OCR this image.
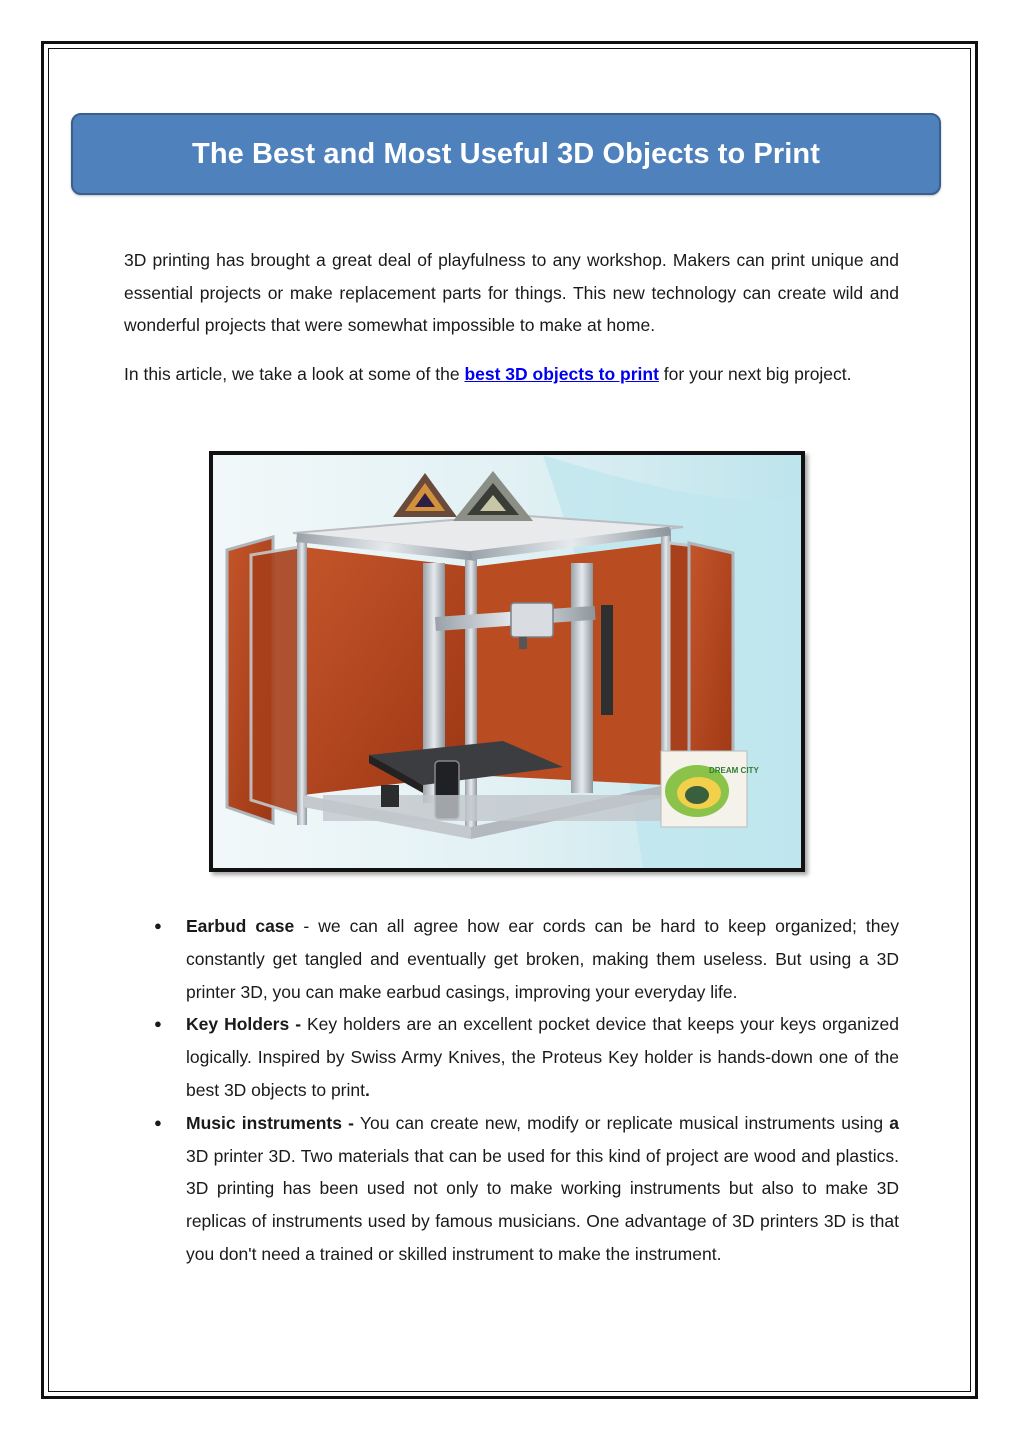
The Best and Most Useful 3D Objects to Print

3D printing has brought a great deal of playfulness to any workshop. Makers can print unique and essential projects or make replacement parts for things. This new technology can create wild and wonderful projects that were somewhat impossible to make at home.

In this article, we take a look at some of the best 3D objects to print for your next big project.

DREAM CITY
● Earbud case - we can all agree how ear cords can be hard to keep organized; they constantly get tangled and eventually get broken, making them useless. But using a 3D printer 3D, you can make earbud casings, improving your everyday life.
● Key Holders - Key holders are an excellent pocket device that keeps your keys organized logically. Inspired by Swiss Army Knives, the Proteus Key holder is hands-down one of the best 3D objects to print.
● Music instruments - You can create new, modify or replicate musical instruments using a 3D printer 3D. Two materials that can be used for this kind of project are wood and plastics. 3D printing has been used not only to make working instruments but also to make 3D replicas of instruments used by famous musicians. One advantage of 3D printers 3D is that you don't need a trained or skilled instrument to make the instrument.
